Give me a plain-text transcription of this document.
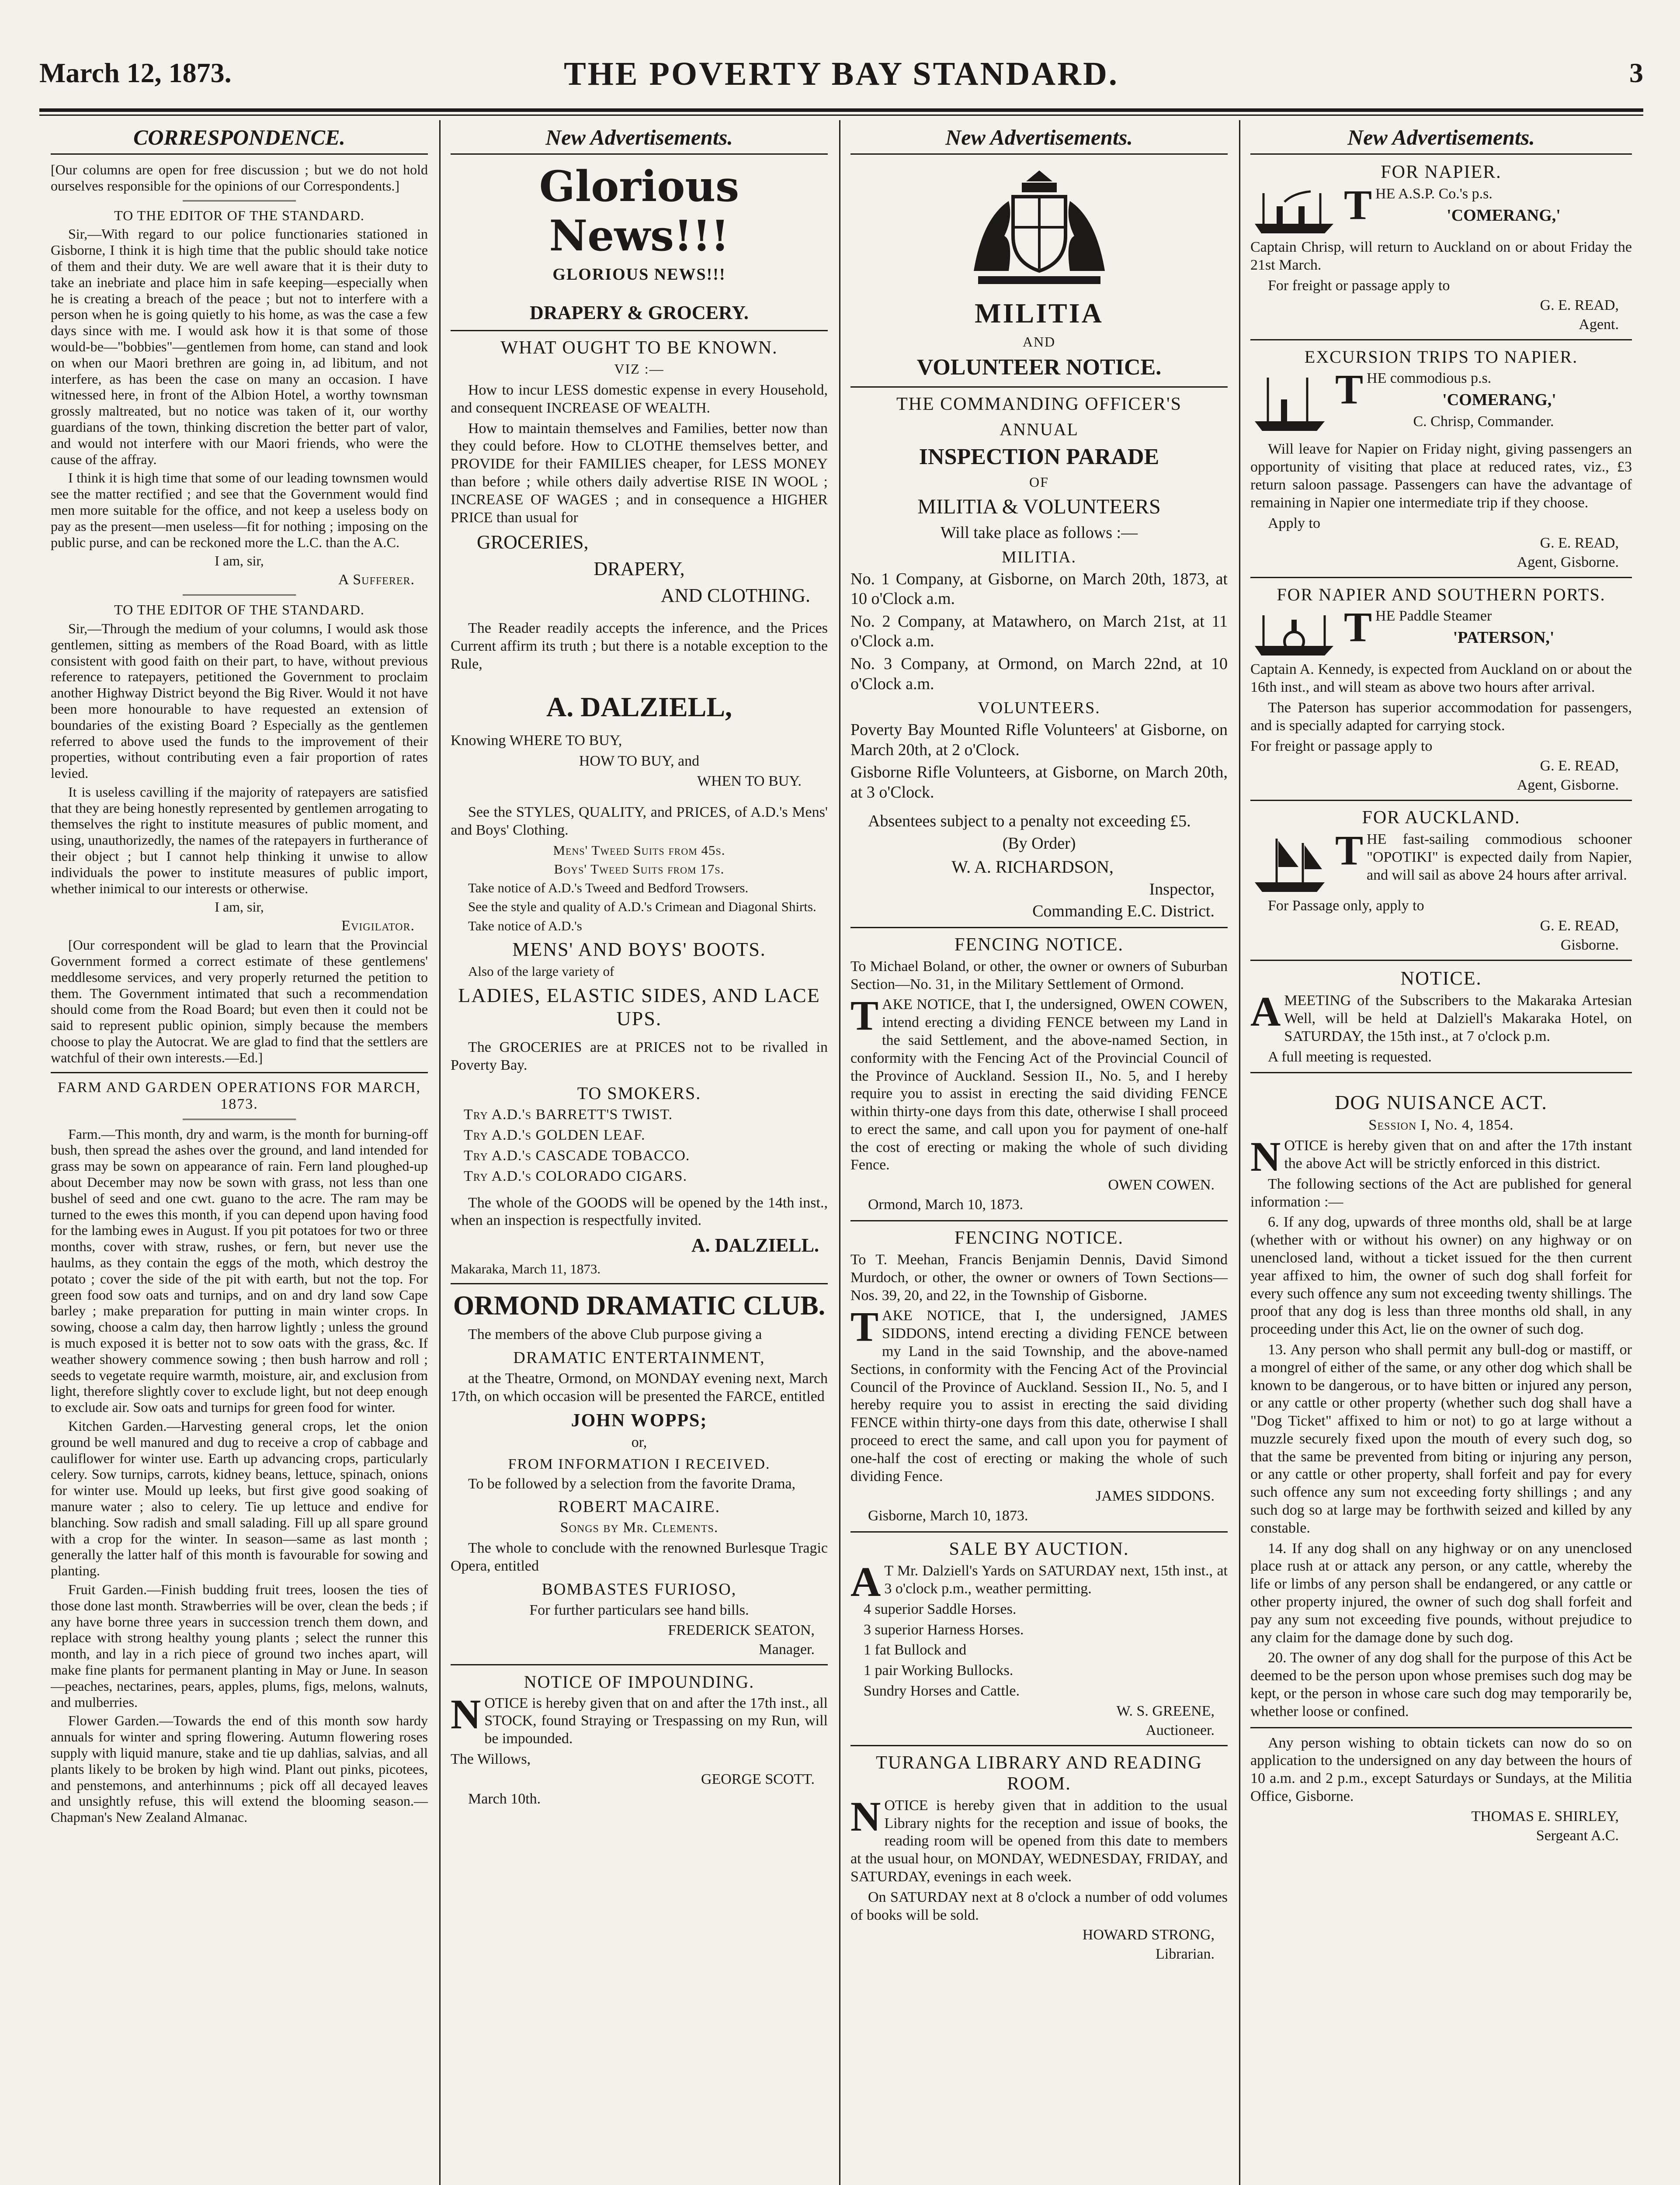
March 12, 1873.	THE POVERTY BAY STANDARD.	3
CORRESPONDENCE.

[Our columns are open for free discussion ; but we do not hold ourselves responsible for the opinions of our Correspondents.]

TO THE EDITOR OF THE STANDARD.

Sir,—With regard to our police functionaries stationed in Gisborne, I think it is high time that the public should take notice of them and their duty. We are well aware that it is their duty to take an inebriate and place him in safe keeping—especially when he is creating a breach of the peace ; but not to interfere with a person when he is going quietly to his home, as was the case a few days since with me. I would ask how it is that some of those would-be—"bobbies"—gentlemen from home, can stand and look on when our Maori brethren are going in, ad libitum, and not interfere, as has been the case on many an occasion. I have witnessed here, in front of the Albion Hotel, a worthy townsman grossly maltreated, but no notice was taken of it, our worthy guardians of the town, thinking discretion the better part of valor, and would not interfere with our Maori friends, who were the cause of the affray.

I think it is high time that some of our leading townsmen would see the matter rectified ; and see that the Government would find men more suitable for the office, and not keep a useless body on pay as the present—men useless—fit for nothing ; imposing on the public purse, and can be reckoned more the L.C. than the A.C.

I am, sir,

A Sufferer.

TO THE EDITOR OF THE STANDARD.

Sir,—Through the medium of your columns, I would ask those gentlemen, sitting as members of the Road Board, with as little consistent with good faith on their part, to have, without previous reference to ratepayers, petitioned the Government to proclaim another Highway District beyond the Big River. Would it not have been more honourable to have requested an extension of boundaries of the existing Board ? Especially as the gentlemen referred to above used the funds to the improvement of their properties, without contributing even a fair proportion of rates levied.

It is useless cavilling if the majority of ratepayers are satisfied that they are being honestly represented by gentlemen arrogating to themselves the right to institute measures of public moment, and using, unauthorizedly, the names of the ratepayers in furtherance of their object ; but I cannot help thinking it unwise to allow individuals the power to institute measures of public import, whether inimical to our interests or otherwise.

I am, sir,

Evigilator.

[Our correspondent will be glad to learn that the Provincial Government formed a correct estimate of these gentlemens' meddlesome services, and very properly returned the petition to them. The Government intimated that such a recommendation should come from the Road Board; but even then it could not be said to represent public opinion, simply because the members choose to play the Autocrat. We are glad to find that the settlers are watchful of their own interests.—Ed.]

FARM AND GARDEN OPERATIONS FOR MARCH, 1873.

Farm.—This month, dry and warm, is the month for burning-off bush, then spread the ashes over the ground, and land intended for grass may be sown on appearance of rain. Fern land ploughed-up about December may now be sown with grass, not less than one bushel of seed and one cwt. guano to the acre. The ram may be turned to the ewes this month, if you can depend upon having food for the lambing ewes in August. If you pit potatoes for two or three months, cover with straw, rushes, or fern, but never use the haulms, as they contain the eggs of the moth, which destroy the potato ; cover the side of the pit with earth, but not the top. For green food sow oats and turnips, and on and dry land sow Cape barley ; make preparation for putting in main winter crops. In sowing, choose a calm day, then harrow lightly ; unless the ground is much exposed it is better not to sow oats with the grass, &c. If weather showery commence sowing ; then bush harrow and roll ; seeds to vegetate require warmth, moisture, air, and exclusion from light, therefore slightly cover to exclude light, but not deep enough to exclude air. Sow oats and turnips for green food for winter.

Kitchen Garden.—Harvesting general crops, let the onion ground be well manured and dug to receive a crop of cabbage and cauliflower for winter use. Earth up advancing crops, particularly celery. Sow turnips, carrots, kidney beans, lettuce, spinach, onions for winter use. Mould up leeks, but first give good soaking of manure water ; also to celery. Tie up lettuce and endive for blanching. Sow radish and small salading. Fill up all spare ground with a crop for the winter. In season—same as last month ; generally the latter half of this month is favourable for sowing and planting.

Fruit Garden.—Finish budding fruit trees, loosen the ties of those done last month. Strawberries will be over, clean the beds ; if any have borne three years in succession trench them down, and replace with strong healthy young plants ; select the runner this month, and lay in a rich piece of ground two inches apart, will make fine plants for permanent planting in May or June. In season—peaches, nectarines, pears, apples, plums, figs, melons, walnuts, and mulberries.

Flower Garden.—Towards the end of this month sow hardy annuals for winter and spring flowering. Autumn flowering roses supply with liquid manure, stake and tie up dahlias, salvias, and all plants likely to be broken by high wind. Plant out pinks, picotees, and penstemons, and anterhinnums ; pick off all decayed leaves and unsightly refuse, this will extend the blooming season.—Chapman's New Zealand Almanac.

New Advertisements.
Glorious News!!!
GLORIOUS NEWS!!!
DRAPERY & GROCERY.
WHAT OUGHT TO BE KNOWN.
VIZ :—

How to incur LESS domestic expense in every Household, and consequent INCREASE OF WEALTH.

How to maintain themselves and Families, better now than they could before. How to CLOTHE themselves better, and PROVIDE for their FAMILIES cheaper, for LESS MONEY than before ; while others daily advertise RISE IN WOOL ; INCREASE OF WAGES ; and in consequence a HIGHER PRICE than usual for

GROCERIES,
DRAPERY,
AND CLOTHING.

The Reader readily accepts the inference, and the Prices Current affirm its truth ; but there is a notable exception to the Rule,

A. DALZIELL,

Knowing WHERE TO BUY,

HOW TO BUY, and

WHEN TO BUY.

See the STYLES, QUALITY, and PRICES, of A.D.'s Mens' and Boys' Clothing.

Mens' Tweed Suits from 45s.

Boys' Tweed Suits from 17s.

Take notice of A.D.'s Tweed and Bedford Trowsers.

See the style and quality of A.D.'s Crimean and Diagonal Shirts.

Take notice of A.D.'s

MENS' AND BOYS' BOOTS.

Also of the large variety of

LADIES, ELASTIC SIDES, AND LACE UPS.

The GROCERIES are at PRICES not to be rivalled in Poverty Bay.

TO SMOKERS.

Try A.D.'s BARRETT'S TWIST.

Try A.D.'s GOLDEN LEAF.

Try A.D.'s CASCADE TOBACCO.

Try A.D.'s COLORADO CIGARS.

The whole of the GOODS will be opened by the 14th inst., when an inspection is respectfully invited.

A. DALZIELL.

Makaraka, March 11, 1873.

ORMOND DRAMATIC CLUB.

The members of the above Club purpose giving a

DRAMATIC ENTERTAINMENT,

at the Theatre, Ormond, on MONDAY evening next, March 17th, on which occasion will be presented the FARCE, entitled

JOHN WOPPS;

or,

FROM INFORMATION I RECEIVED.

To be followed by a selection from the favorite Drama,

ROBERT MACAIRE.

Songs by Mr. Clements.

The whole to conclude with the renowned Burlesque Tragic Opera, entitled

BOMBASTES FURIOSO,

For further particulars see hand bills.

FREDERICK SEATON,
Manager.
NOTICE OF IMPOUNDING.

NOTICE is hereby given that on and after the 17th inst., all STOCK, found Straying or Trespassing on my Run, will be impounded.

The Willows,

GEORGE SCOTT.

March 10th.

New Advertisements.
MILITIA
AND
VOLUNTEER NOTICE.
THE COMMANDING OFFICER'S
ANNUAL
INSPECTION PARADE
OF
MILITIA & VOLUNTEERS

Will take place as follows :—

MILITIA.

No. 1 Company, at Gisborne, on March 20th, 1873, at 10 o'Clock a.m.

No. 2 Company, at Matawhero, on March 21st, at 11 o'Clock a.m.

No. 3 Company, at Ormond, on March 22nd, at 10 o'Clock a.m.

VOLUNTEERS.

Poverty Bay Mounted Rifle Volunteers' at Gisborne, on March 20th, at 2 o'Clock.

Gisborne Rifle Volunteers, at Gisborne, on March 20th, at 3 o'Clock.

Absentees subject to a penalty not exceeding £5.

(By Order)

W. A. RICHARDSON,
Inspector,
Commanding E.C. District.
FENCING NOTICE.

To Michael Boland, or other, the owner or owners of Suburban Section—No. 31, in the Military Settlement of Ormond.

TAKE NOTICE, that I, the undersigned, OWEN COWEN, intend erecting a dividing FENCE between my Land in the said Settlement, and the above-named Section, in conformity with the Fencing Act of the Provincial Council of the Province of Auckland. Session II., No. 5, and I hereby require you to assist in erecting the said dividing FENCE within thirty-one days from this date, otherwise I shall proceed to erect the same, and call upon you for payment of one-half the cost of erecting or making the whole of such dividing Fence.

OWEN COWEN.

Ormond, March 10, 1873.

FENCING NOTICE.

To T. Meehan, Francis Benjamin Dennis, David Simond Murdoch, or other, the owner or owners of Town Sections—Nos. 39, 20, and 22, in the Township of Gisborne.

TAKE NOTICE, that I, the undersigned, JAMES SIDDONS, intend erecting a dividing FENCE between my Land in the said Township, and the above-named Sections, in conformity with the Fencing Act of the Provincial Council of the Province of Auckland. Session II., No. 5, and I hereby require you to assist in erecting the said dividing FENCE within thirty-one days from this date, otherwise I shall proceed to erect the same, and call upon you for payment of one-half the cost of erecting or making the whole of such dividing Fence.

JAMES SIDDONS.

Gisborne, March 10, 1873.

SALE BY AUCTION.

AT Mr. Dalziell's Yards on SATURDAY next, 15th inst., at 3 o'clock p.m., weather permitting.

4 superior Saddle Horses.

3 superior Harness Horses.

1 fat Bullock and

1 pair Working Bullocks.

Sundry Horses and Cattle.

W. S. GREENE,
Auctioneer.
TURANGA LIBRARY AND READING ROOM.

NOTICE is hereby given that in addition to the usual Library nights for the reception and issue of books, the reading room will be opened from this date to members at the usual hour, on MONDAY, WEDNESDAY, FRIDAY, and SATURDAY, evenings in each week.

On SATURDAY next at 8 o'clock a number of odd volumes of books will be sold.

HOWARD STRONG,
Librarian.
New Advertisements.
FOR NAPIER.

THE A.S.P. Co.'s p.s.

'COMERANG,'

Captain Chrisp, will return to Auckland on or about Friday the 21st March.

For freight or passage apply to

G. E. READ,
Agent.
EXCURSION TRIPS TO NAPIER.

THE commodious p.s.

'COMERANG,'

C. Chrisp, Commander.

Will leave for Napier on Friday night, giving passengers an opportunity of visiting that place at reduced rates, viz., £3 return saloon passage. Passengers can have the advantage of remaining in Napier one intermediate trip if they choose.

Apply to

G. E. READ,
Agent, Gisborne.
FOR NAPIER AND SOUTHERN PORTS.

THE Paddle Steamer

'PATERSON,'

Captain A. Kennedy, is expected from Auckland on or about the 16th inst., and will steam as above two hours after arrival.

The Paterson has superior accommodation for passengers, and is specially adapted for carrying stock.

For freight or passage apply to

G. E. READ,
Agent, Gisborne.
FOR AUCKLAND.

THE fast-sailing commodious schooner "OPOTIKI" is expected daily from Napier, and will sail as above 24 hours after arrival.

For Passage only, apply to

G. E. READ,
Gisborne.
NOTICE.

AMEETING of the Subscribers to the Makaraka Artesian Well, will be held at Dalziell's Makaraka Hotel, on SATURDAY, the 15th inst., at 7 o'clock p.m.

A full meeting is requested.

DOG NUISANCE ACT.

Session I, No. 4, 1854.

NOTICE is hereby given that on and after the 17th instant the above Act will be strictly enforced in this district.

The following sections of the Act are published for general information :—

6. If any dog, upwards of three months old, shall be at large (whether with or without his owner) on any highway or on unenclosed land, without a ticket issued for the then current year affixed to him, the owner of such dog shall forfeit for every such offence any sum not exceeding twenty shillings. The proof that any dog is less than three months old shall, in any proceeding under this Act, lie on the owner of such dog.

13. Any person who shall permit any bull-dog or mastiff, or a mongrel of either of the same, or any other dog which shall be known to be dangerous, or to have bitten or injured any person, or any cattle or other property (whether such dog shall have a "Dog Ticket" affixed to him or not) to go at large without a muzzle securely fixed upon the mouth of every such dog, so that the same be prevented from biting or injuring any person, or any cattle or other property, shall forfeit and pay for every such offence any sum not exceeding forty shillings ; and any such dog so at large may be forthwith seized and killed by any constable.

14. If any dog shall on any highway or on any unenclosed place rush at or attack any person, or any cattle, whereby the life or limbs of any person shall be endangered, or any cattle or other property injured, the owner of such dog shall forfeit and pay any sum not exceeding five pounds, without prejudice to any claim for the damage done by such dog.

20. The owner of any dog shall for the purpose of this Act be deemed to be the person upon whose premises such dog may be kept, or the person in whose care such dog may temporarily be, whether loose or confined.

Any person wishing to obtain tickets can now do so on application to the undersigned on any day between the hours of 10 a.m. and 2 p.m., except Saturdays or Sundays, at the Militia Office, Gisborne.

THOMAS E. SHIRLEY,
Sergeant A.C.
